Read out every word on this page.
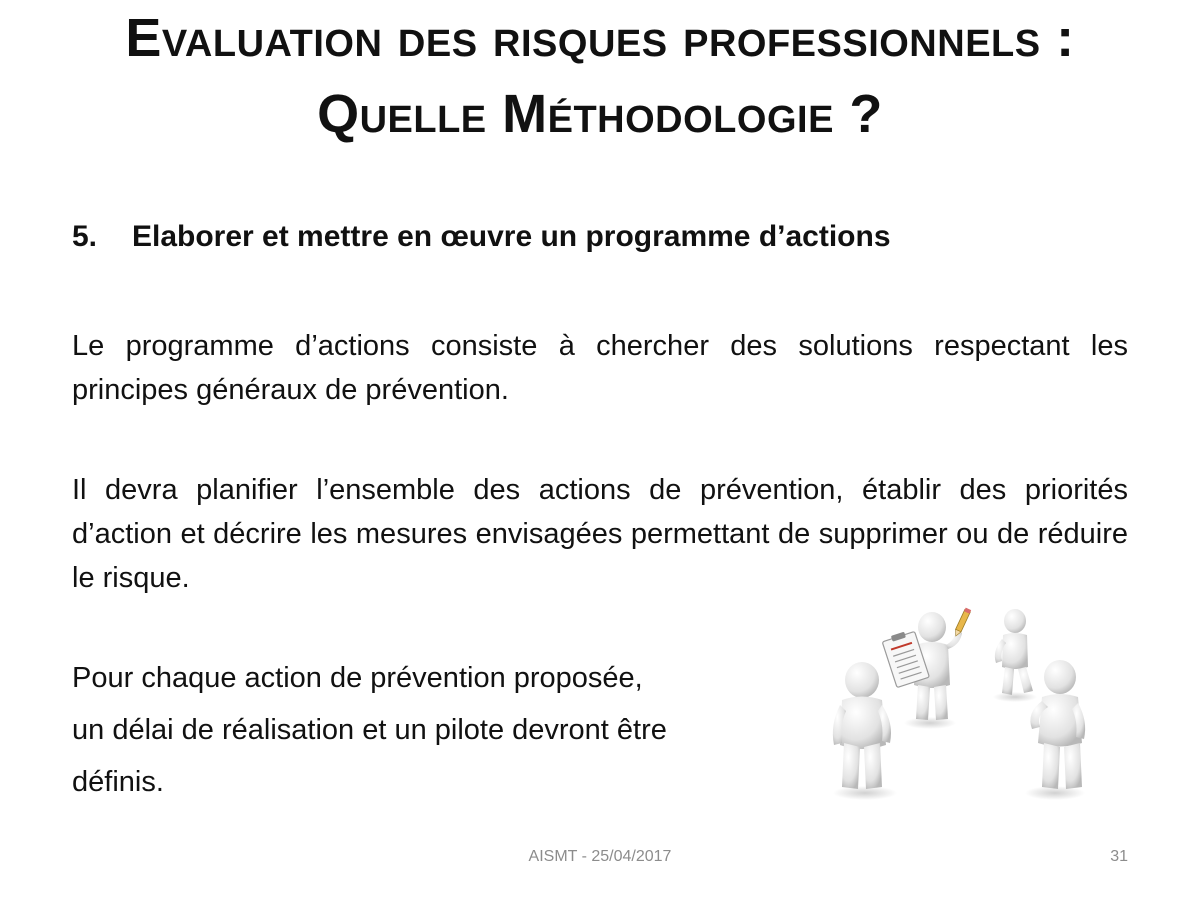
Evaluation des risques professionnels :
Quelle Méthodologie ?
5. Elaborer et mettre en œuvre un programme d’actions

Le programme d’actions consiste à chercher des solutions respectant les principes généraux de prévention.

Il devra planifier l’ensemble des actions de prévention, établir des priorités d’action et décrire les mesures envisagées permettant de supprimer ou de réduire le risque.

Pour chaque action de prévention proposée,

un délai de réalisation et un pilote devront être

définis.

AISMT - 25/04/2017	31
